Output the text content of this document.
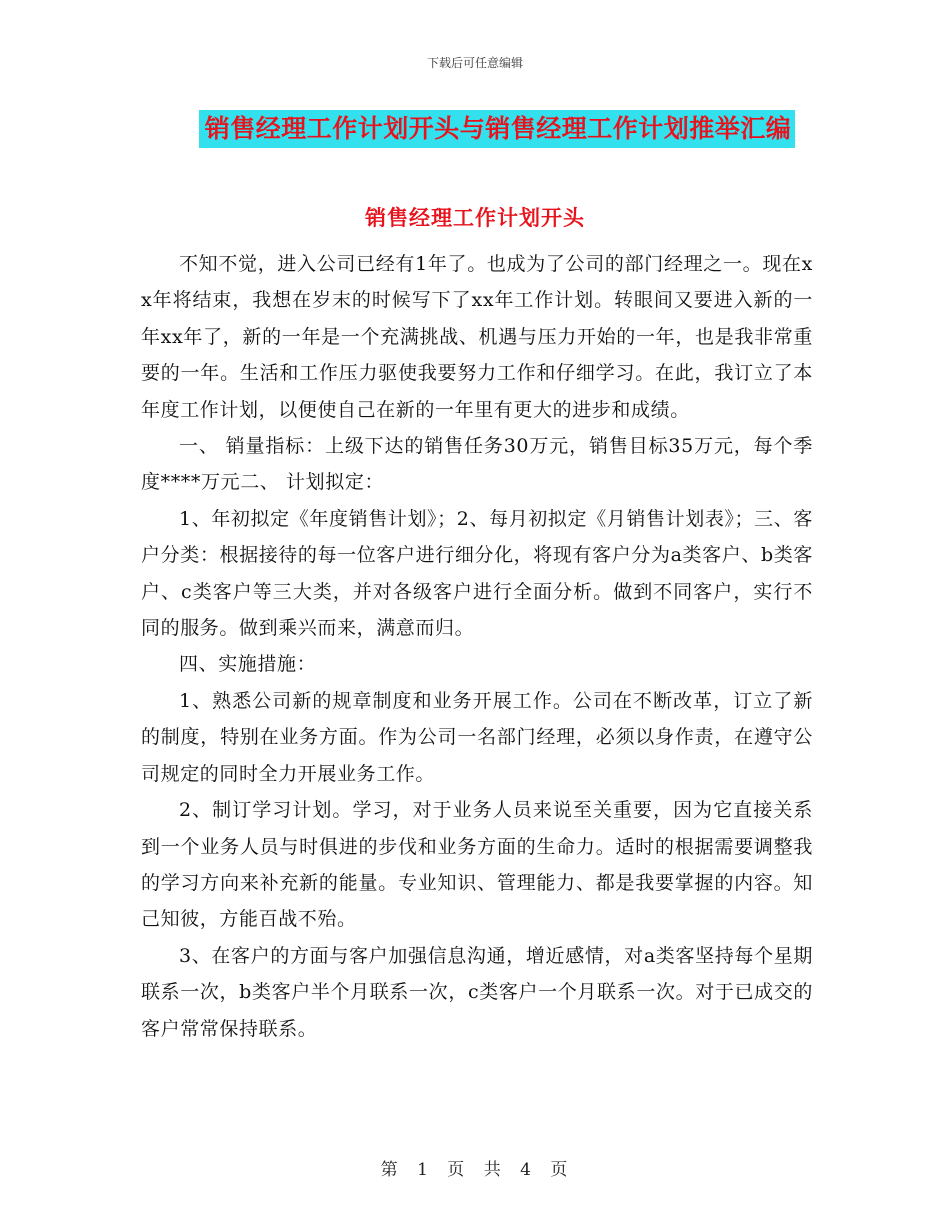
下载后可任意编辑
销售经理工作计划开头与销售经理工作计划推举汇编
销售经理工作计划开头

不知不觉，进入公司已经有1年了。也成为了公司的部门经理之一。现在xx年将结束，我想在岁末的时候写下了xx年工作计划。转眼间又要进入新的一年xx年了，新的一年是一个充满挑战、机遇与压力开始的一年，也是我非常重要的一年。生活和工作压力驱使我要努力工作和仔细学习。在此，我订立了本年度工作计划，以便使自己在新的一年里有更大的进步和成绩。

一、 销量指标：上级下达的销售任务30万元，销售目标35万元，每个季度****万元二、 计划拟定：

1、年初拟定《年度销售计划》；2、每月初拟定《月销售计划表》；三、客户分类：根据接待的每一位客户进行细分化，将现有客户分为a类客户、b类客户、c类客户等三大类，并对各级客户进行全面分析。做到不同客户，实行不同的服务。做到乘兴而来，满意而归。

四、实施措施：

1、熟悉公司新的规章制度和业务开展工作。公司在不断改革，订立了新的制度，特别在业务方面。作为公司一名部门经理，必须以身作责，在遵守公司规定的同时全力开展业务工作。

2、制订学习计划。学习，对于业务人员来说至关重要，因为它直接关系到一个业务人员与时俱进的步伐和业务方面的生命力。适时的根据需要调整我的学习方向来补充新的能量。专业知识、管理能力、都是我要掌握的内容。知己知彼，方能百战不殆。

3、在客户的方面与客户加强信息沟通，增近感情，对a类客坚持每个星期联系一次，b类客户半个月联系一次，c类客户一个月联系一次。对于已成交的客户常常保持联系。

第 1 页 共 4 页
